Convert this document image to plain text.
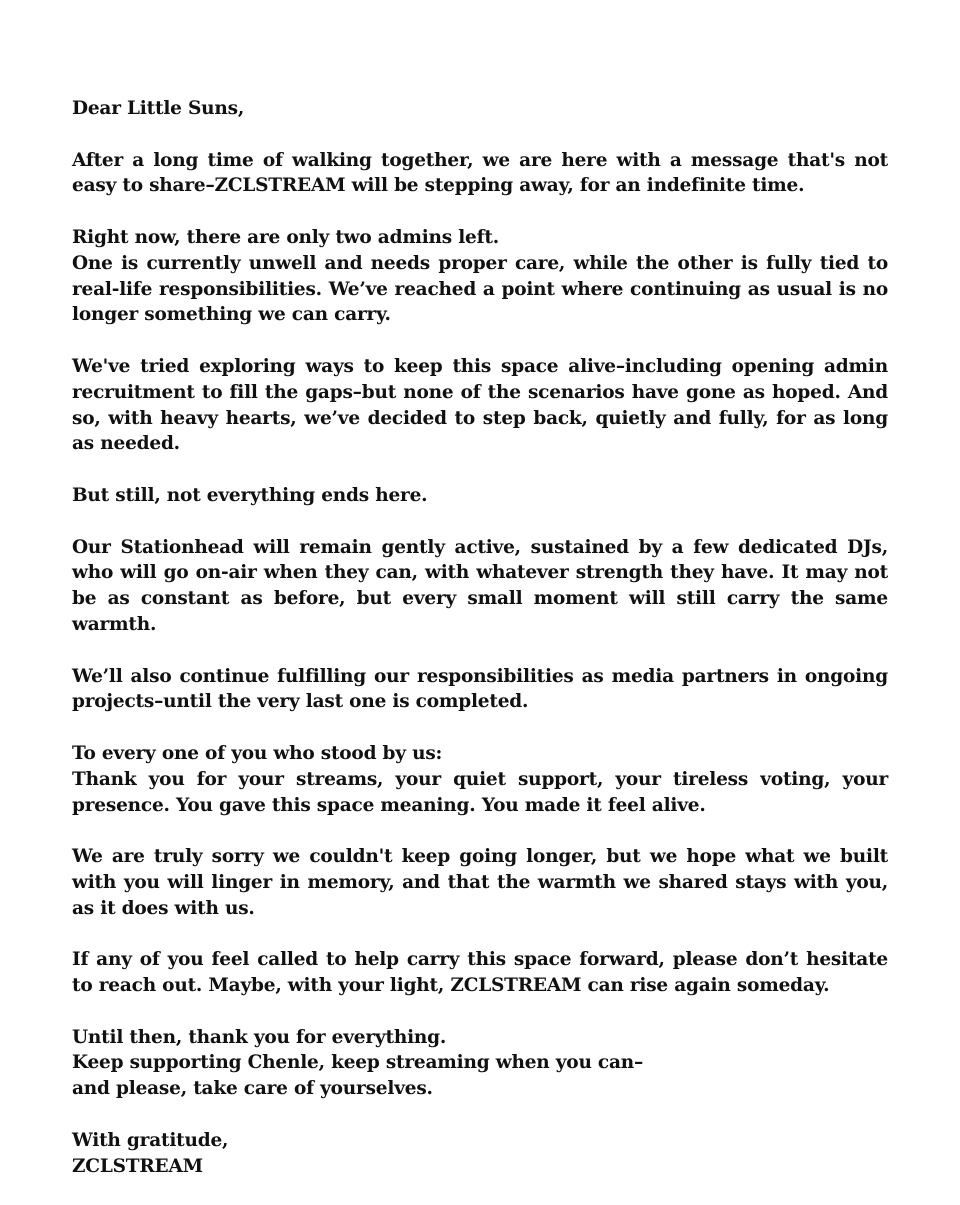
Dear Little Suns,

After a long time of walking together, we are here with a message that's not easy to share–ZCLSTREAM will be stepping away, for an indefinite time.

Right now, there are only two admins left.
One is currently unwell and needs proper care, while the other is fully tied to real-life responsibilities. We’ve reached a point where continuing as usual is no longer something we can carry.

We've tried exploring ways to keep this space alive–including opening admin recruitment to fill the gaps–but none of the scenarios have gone as hoped. And so, with heavy hearts, we’ve decided to step back, quietly and fully, for as long as needed.

But still, not everything ends here.

Our Stationhead will remain gently active, sustained by a few dedicated DJs, who will go on-air when they can, with whatever strength they have. It may not be as constant as before, but every small moment will still carry the same warmth.

We’ll also continue fulfilling our responsibilities as media partners in ongoing projects–until the very last one is completed.

To every one of you who stood by us:
Thank you for your streams, your quiet support, your tireless voting, your presence. You gave this space meaning. You made it feel alive.

We are truly sorry we couldn't keep going longer, but we hope what we built with you will linger in memory, and that the warmth we shared stays with you, as it does with us.

If any of you feel called to help carry this space forward, please don’t hesitate to reach out. Maybe, with your light, ZCLSTREAM can rise again someday.

Until then, thank you for everything.
Keep supporting Chenle, keep streaming when you can–
and please, take care of yourselves.

With gratitude,
ZCLSTREAM
